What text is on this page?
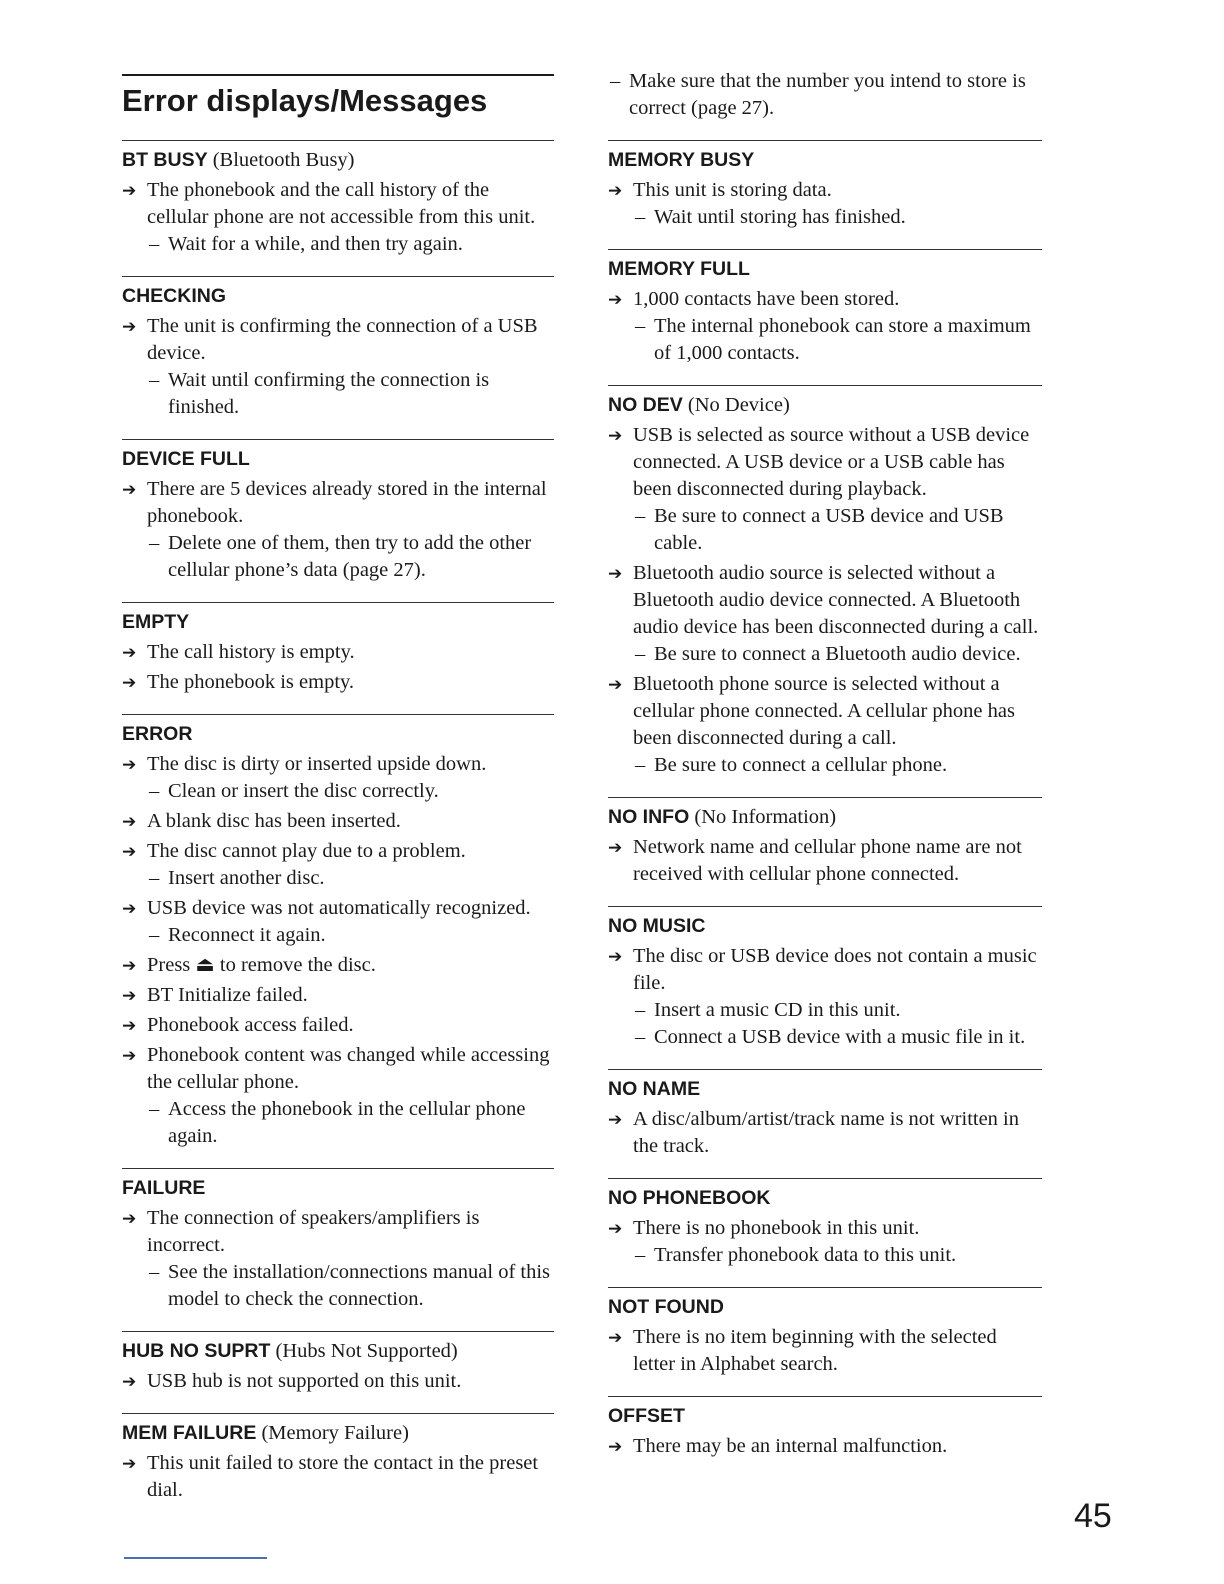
Error displays/Messages
BT BUSY (Bluetooth Busy)
➔ The phonebook and the call history of the cellular phone are not accessible from this unit.
– Wait for a while, and then try again.
CHECKING
➔ The unit is confirming the connection of a USB device.
– Wait until confirming the connection is finished.
DEVICE FULL
➔ There are 5 devices already stored in the internal phonebook.
– Delete one of them, then try to add the other cellular phone’s data (page 27).
EMPTY
➔ The call history is empty.
➔ The phonebook is empty.
ERROR
➔ The disc is dirty or inserted upside down.
– Clean or insert the disc correctly.
➔ A blank disc has been inserted.
➔ The disc cannot play due to a problem.
– Insert another disc.
➔ USB device was not automatically recognized.
– Reconnect it again.
➔ Press ⏏ to remove the disc.
➔ BT Initialize failed.
➔ Phonebook access failed.
➔ Phonebook content was changed while accessing the cellular phone.
– Access the phonebook in the cellular phone again.
FAILURE
➔ The connection of speakers/amplifiers is incorrect.
– See the installation/connections manual of this model to check the connection.
HUB NO SUPRT (Hubs Not Supported)
➔ USB hub is not supported on this unit.
MEM FAILURE (Memory Failure)
➔ This unit failed to store the contact in the preset dial.
– Make sure that the number you intend to store is correct (page 27).
MEMORY BUSY
➔ This unit is storing data.
– Wait until storing has finished.
MEMORY FULL
➔ 1,000 contacts have been stored.
– The internal phonebook can store a maximum of 1,000 contacts.
NO DEV (No Device)
➔ USB is selected as source without a USB device connected. A USB device or a USB cable has been disconnected during playback.
– Be sure to connect a USB device and USB cable.
➔ Bluetooth audio source is selected without a Bluetooth audio device connected. A Bluetooth audio device has been disconnected during a call.
– Be sure to connect a Bluetooth audio device.
➔ Bluetooth phone source is selected without a cellular phone connected. A cellular phone has been disconnected during a call.
– Be sure to connect a cellular phone.
NO INFO (No Information)
➔ Network name and cellular phone name are not received with cellular phone connected.
NO MUSIC
➔ The disc or USB device does not contain a music file.
– Insert a music CD in this unit.
– Connect a USB device with a music file in it.
NO NAME
➔ A disc/album/artist/track name is not written in the track.
NO PHONEBOOK
➔ There is no phonebook in this unit.
– Transfer phonebook data to this unit.
NOT FOUND
➔ There is no item beginning with the selected letter in Alphabet search.
OFFSET
➔ There may be an internal malfunction.
45
